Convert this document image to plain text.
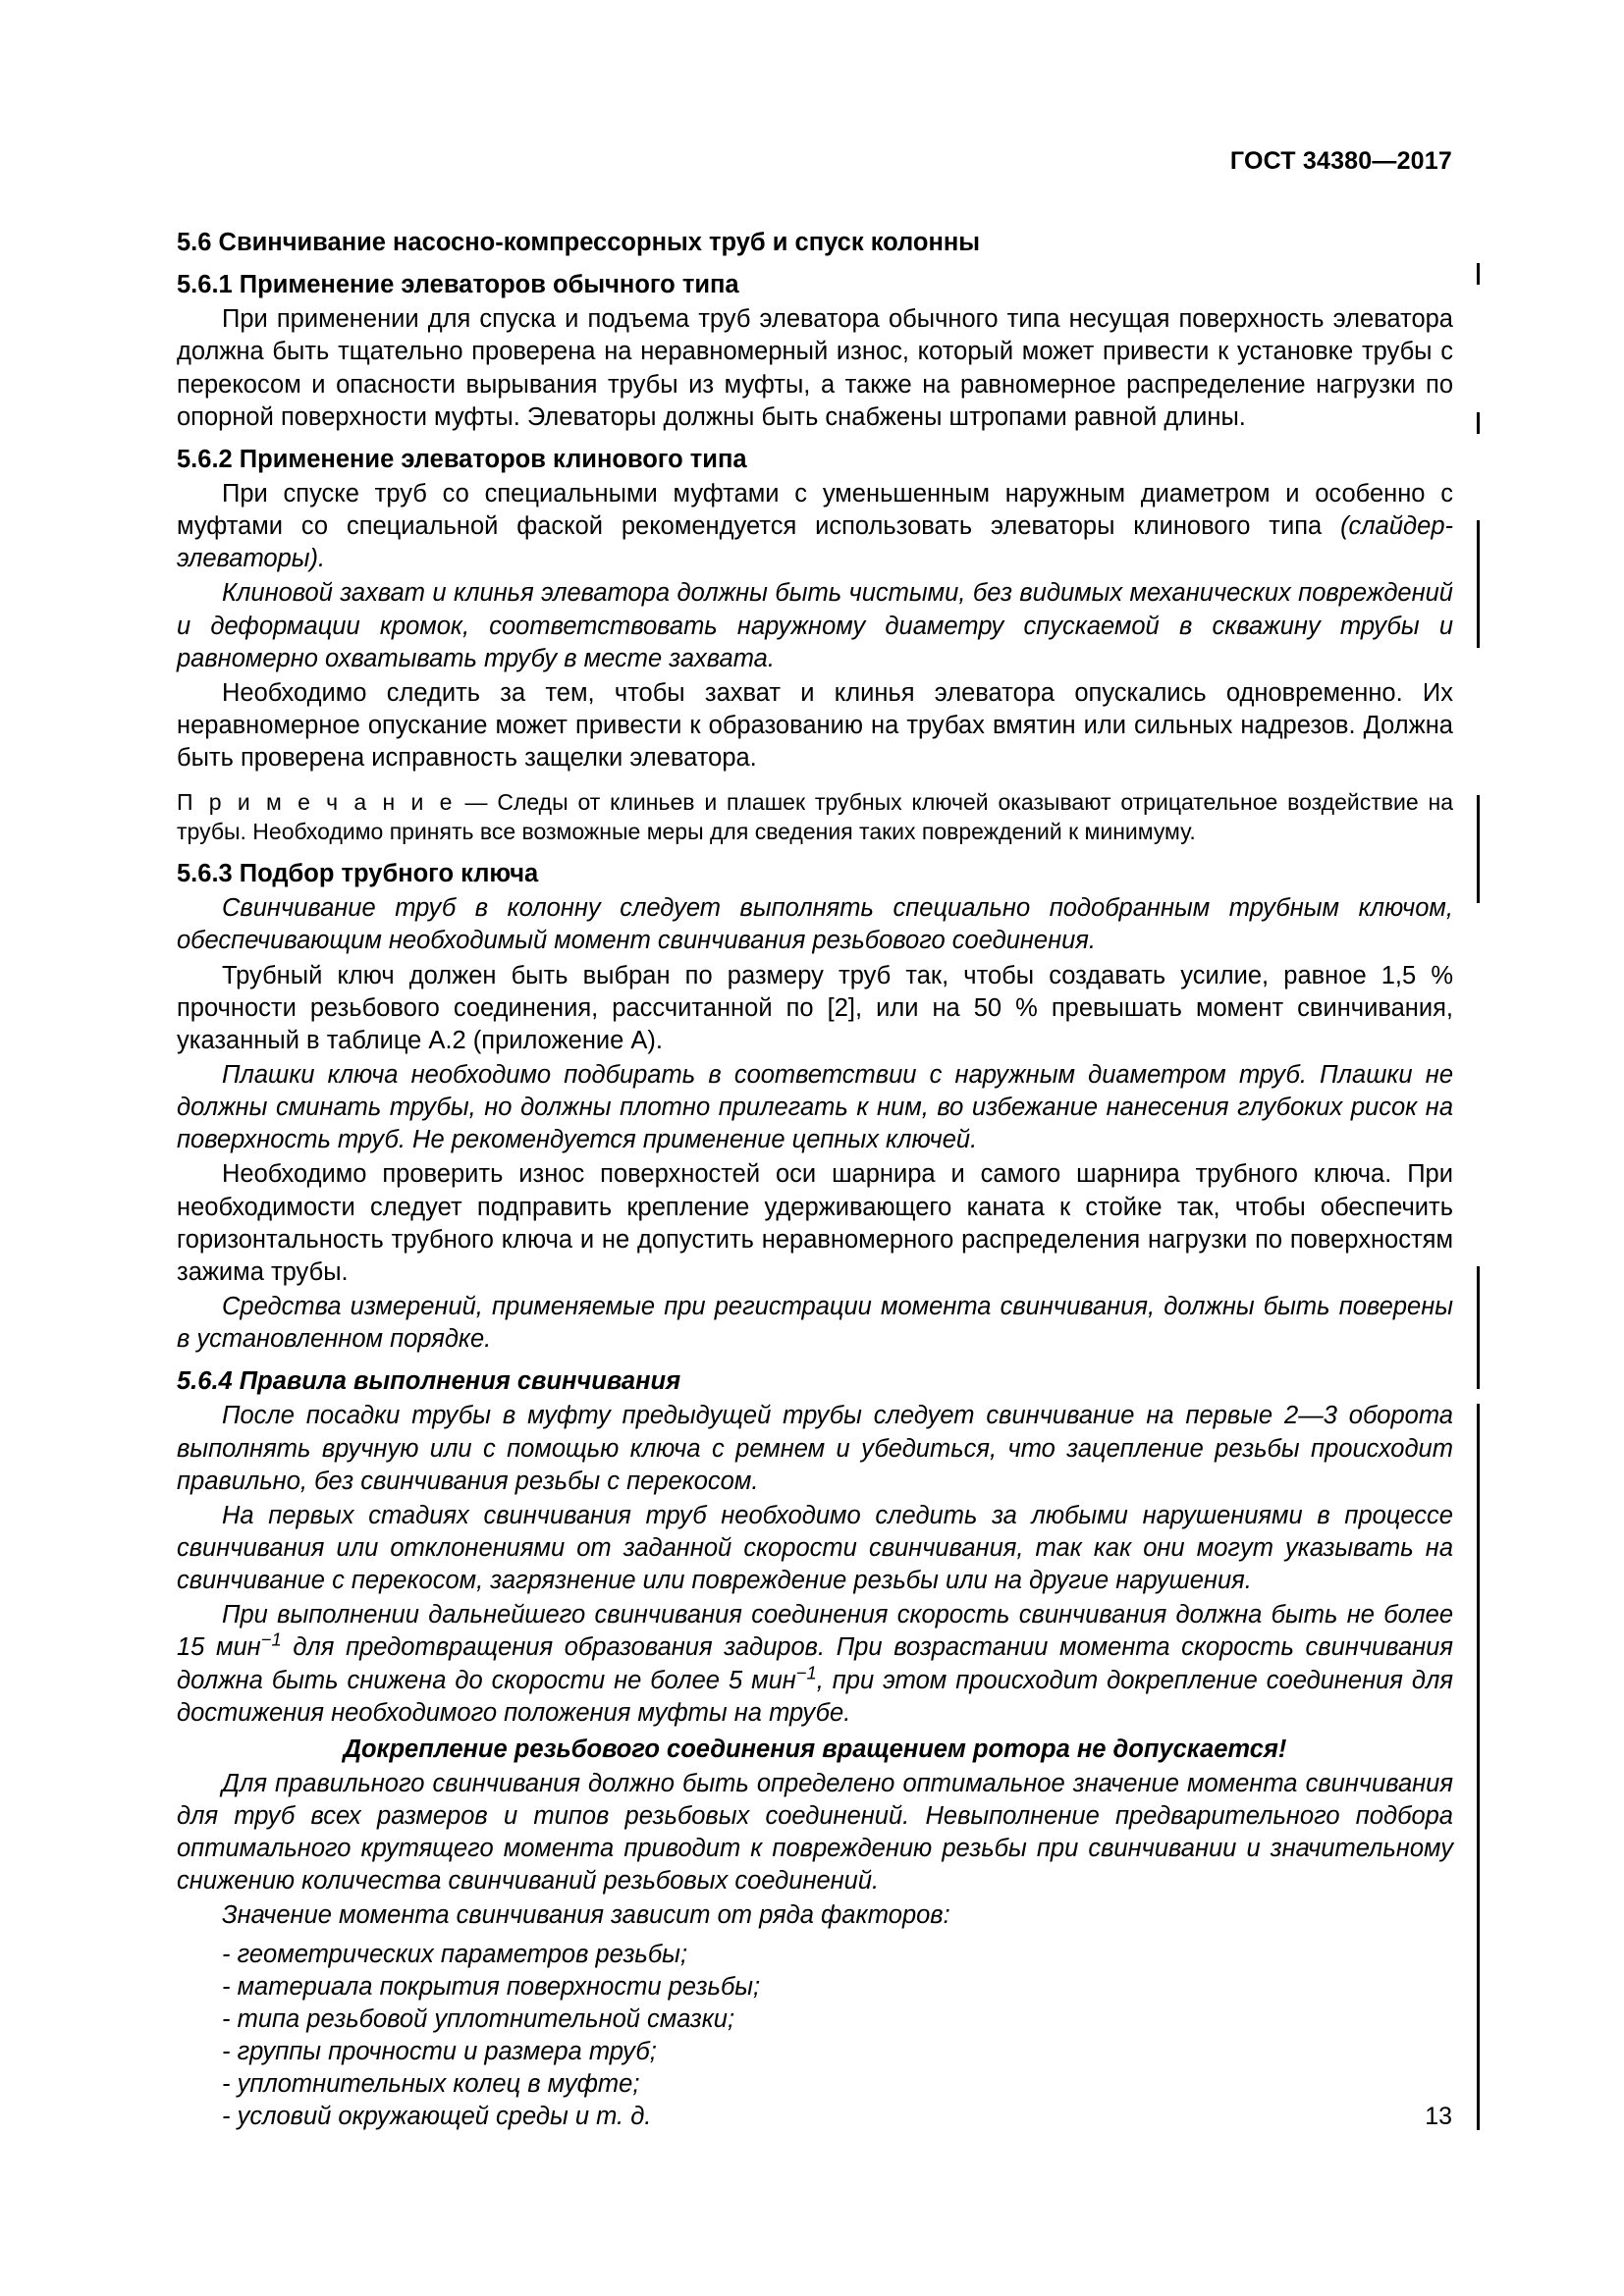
ГОСТ 34380—2017

5.6 Свинчивание насосно-компрессорных труб и спуск колонны

5.6.1 Применение элеваторов обычного типа

При применении для спуска и подъема труб элеватора обычного типа несущая поверхность элеватора должна быть тщательно проверена на неравномерный износ, который может привести к установке трубы с перекосом и опасности вырывания трубы из муфты, а также на равномерное распределение нагрузки по опорной поверхности муфты. Элеваторы должны быть снабжены штропами равной длины.

5.6.2 Применение элеваторов клинового типа

При спуске труб со специальными муфтами с уменьшенным наружным диаметром и особенно с муфтами со специальной фаской рекомендуется использовать элеваторы клинового типа (слайдер-элеваторы).

Клиновой захват и клинья элеватора должны быть чистыми, без видимых механических повреждений и деформации кромок, соответствовать наружному диаметру спускаемой в скважину трубы и равномерно охватывать трубу в месте захвата.

Необходимо следить за тем, чтобы захват и клинья элеватора опускались одновременно. Их неравномерное опускание может привести к образованию на трубах вмятин или сильных надрезов. Должна быть проверена исправность защелки элеватора.

П р и м е ч а н и е — Следы от клиньев и плашек трубных ключей оказывают отрицательное воздействие на трубы. Необходимо принять все возможные меры для сведения таких повреждений к минимуму.

5.6.3 Подбор трубного ключа

Свинчивание труб в колонну следует выполнять специально подобранным трубным ключом, обеспечивающим необходимый момент свинчивания резьбового соединения.

Трубный ключ должен быть выбран по размеру труб так, чтобы создавать усилие, равное 1,5 % прочности резьбового соединения, рассчитанной по [2], или на 50 % превышать момент свинчивания, указанный в таблице А.2 (приложение А).

Плашки ключа необходимо подбирать в соответствии с наружным диаметром труб. Плашки не должны сминать трубы, но должны плотно прилегать к ним, во избежание нанесения глубоких рисок на поверхность труб. Не рекомендуется применение цепных ключей.

Необходимо проверить износ поверхностей оси шарнира и самого шарнира трубного ключа. При необходимости следует подправить крепление удерживающего каната к стойке так, чтобы обеспечить горизонтальность трубного ключа и не допустить неравномерного распределения нагрузки по поверхностям зажима трубы.

Средства измерений, применяемые при регистрации момента свинчивания, должны быть поверены в установленном порядке.

5.6.4 Правила выполнения свинчивания

После посадки трубы в муфту предыдущей трубы следует свинчивание на первые 2—3 оборота выполнять вручную или с помощью ключа с ремнем и убедиться, что зацепление резьбы происходит правильно, без свинчивания резьбы с перекосом.

На первых стадиях свинчивания труб необходимо следить за любыми нарушениями в процессе свинчивания или отклонениями от заданной скорости свинчивания, так как они могут указывать на свинчивание с перекосом, загрязнение или повреждение резьбы или на другие нарушения.

При выполнении дальнейшего свинчивания соединения скорость свинчивания должна быть не более 15 мин$^{-1}$ для предотвращения образования задиров. При возрастании момента скорость свинчивания должна быть снижена до скорости не более 5 мин$^{-1}$, при этом происходит докрепление соединения для достижения необходимого положения муфты на трубе.

Докрепление резьбового соединения вращением ротора не допускается!

Для правильного свинчивания должно быть определено оптимальное значение момента свинчивания для труб всех размеров и типов резьбовых соединений. Невыполнение предварительного подбора оптимального крутящего момента приводит к повреждению резьбы при свинчивании и значительному снижению количества свинчиваний резьбовых соединений.

Значение момента свинчивания зависит от ряда факторов:

- геометрических параметров резьбы;

- материала покрытия поверхности резьбы;

- типа резьбовой уплотнительной смазки;

- группы прочности и размера труб;

- уплотнительных колец в муфте;

- условий окружающей среды и т. д.	13
